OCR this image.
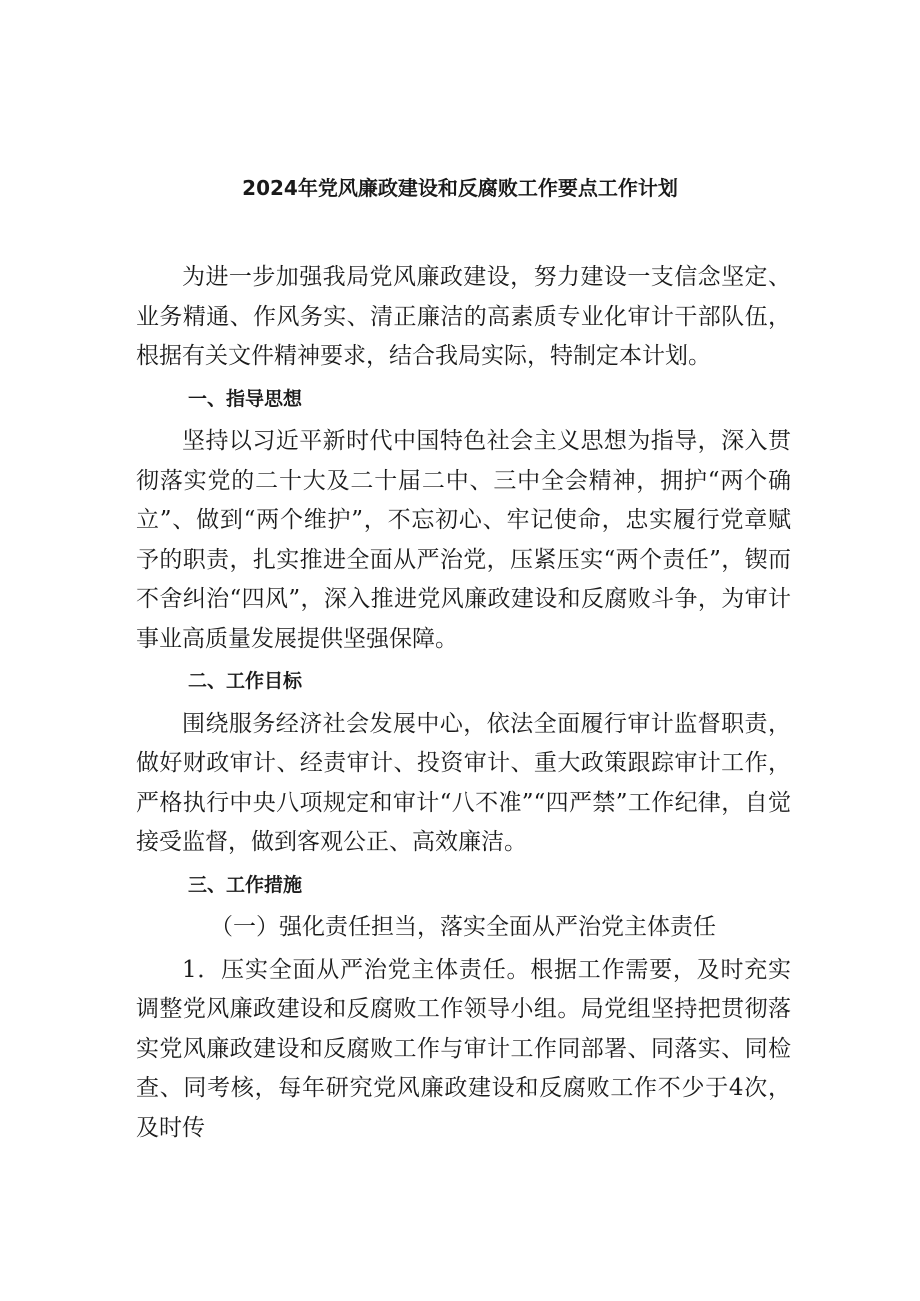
2024年党风廉政建设和反腐败工作要点工作计划

为进一步加强我局党风廉政建设，努力建设一支信念坚定、业务精通、作风务实、清正廉洁的高素质专业化审计干部队伍，根据有关文件精神要求，结合我局实际，特制定本计划。

一、指导思想

坚持以习近平新时代中国特色社会主义思想为指导，深入贯彻落实党的二十大及二十届二中、三中全会精神，拥护“两个确立”、做到“两个维护”，不忘初心、牢记使命，忠实履行党章赋予的职责，扎实推进全面从严治党，压紧压实“两个责任”，锲而不舍纠治“四风”，深入推进党风廉政建设和反腐败斗争，为审计事业高质量发展提供坚强保障。

二、工作目标

围绕服务经济社会发展中心，依法全面履行审计监督职责，做好财政审计、经责审计、投资审计、重大政策跟踪审计工作，严格执行中央八项规定和审计“八不准”“四严禁”工作纪律，自觉接受监督，做到客观公正、高效廉洁。

三、工作措施

（一）强化责任担当，落实全面从严治党主体责任

1．压实全面从严治党主体责任。根据工作需要，及时充实调整党风廉政建设和反腐败工作领导小组。局党组坚持把贯彻落实党风廉政建设和反腐败工作与审计工作同部署、同落实、同检查、同考核，每年研究党风廉政建设和反腐败工作不少于4次，及时传
